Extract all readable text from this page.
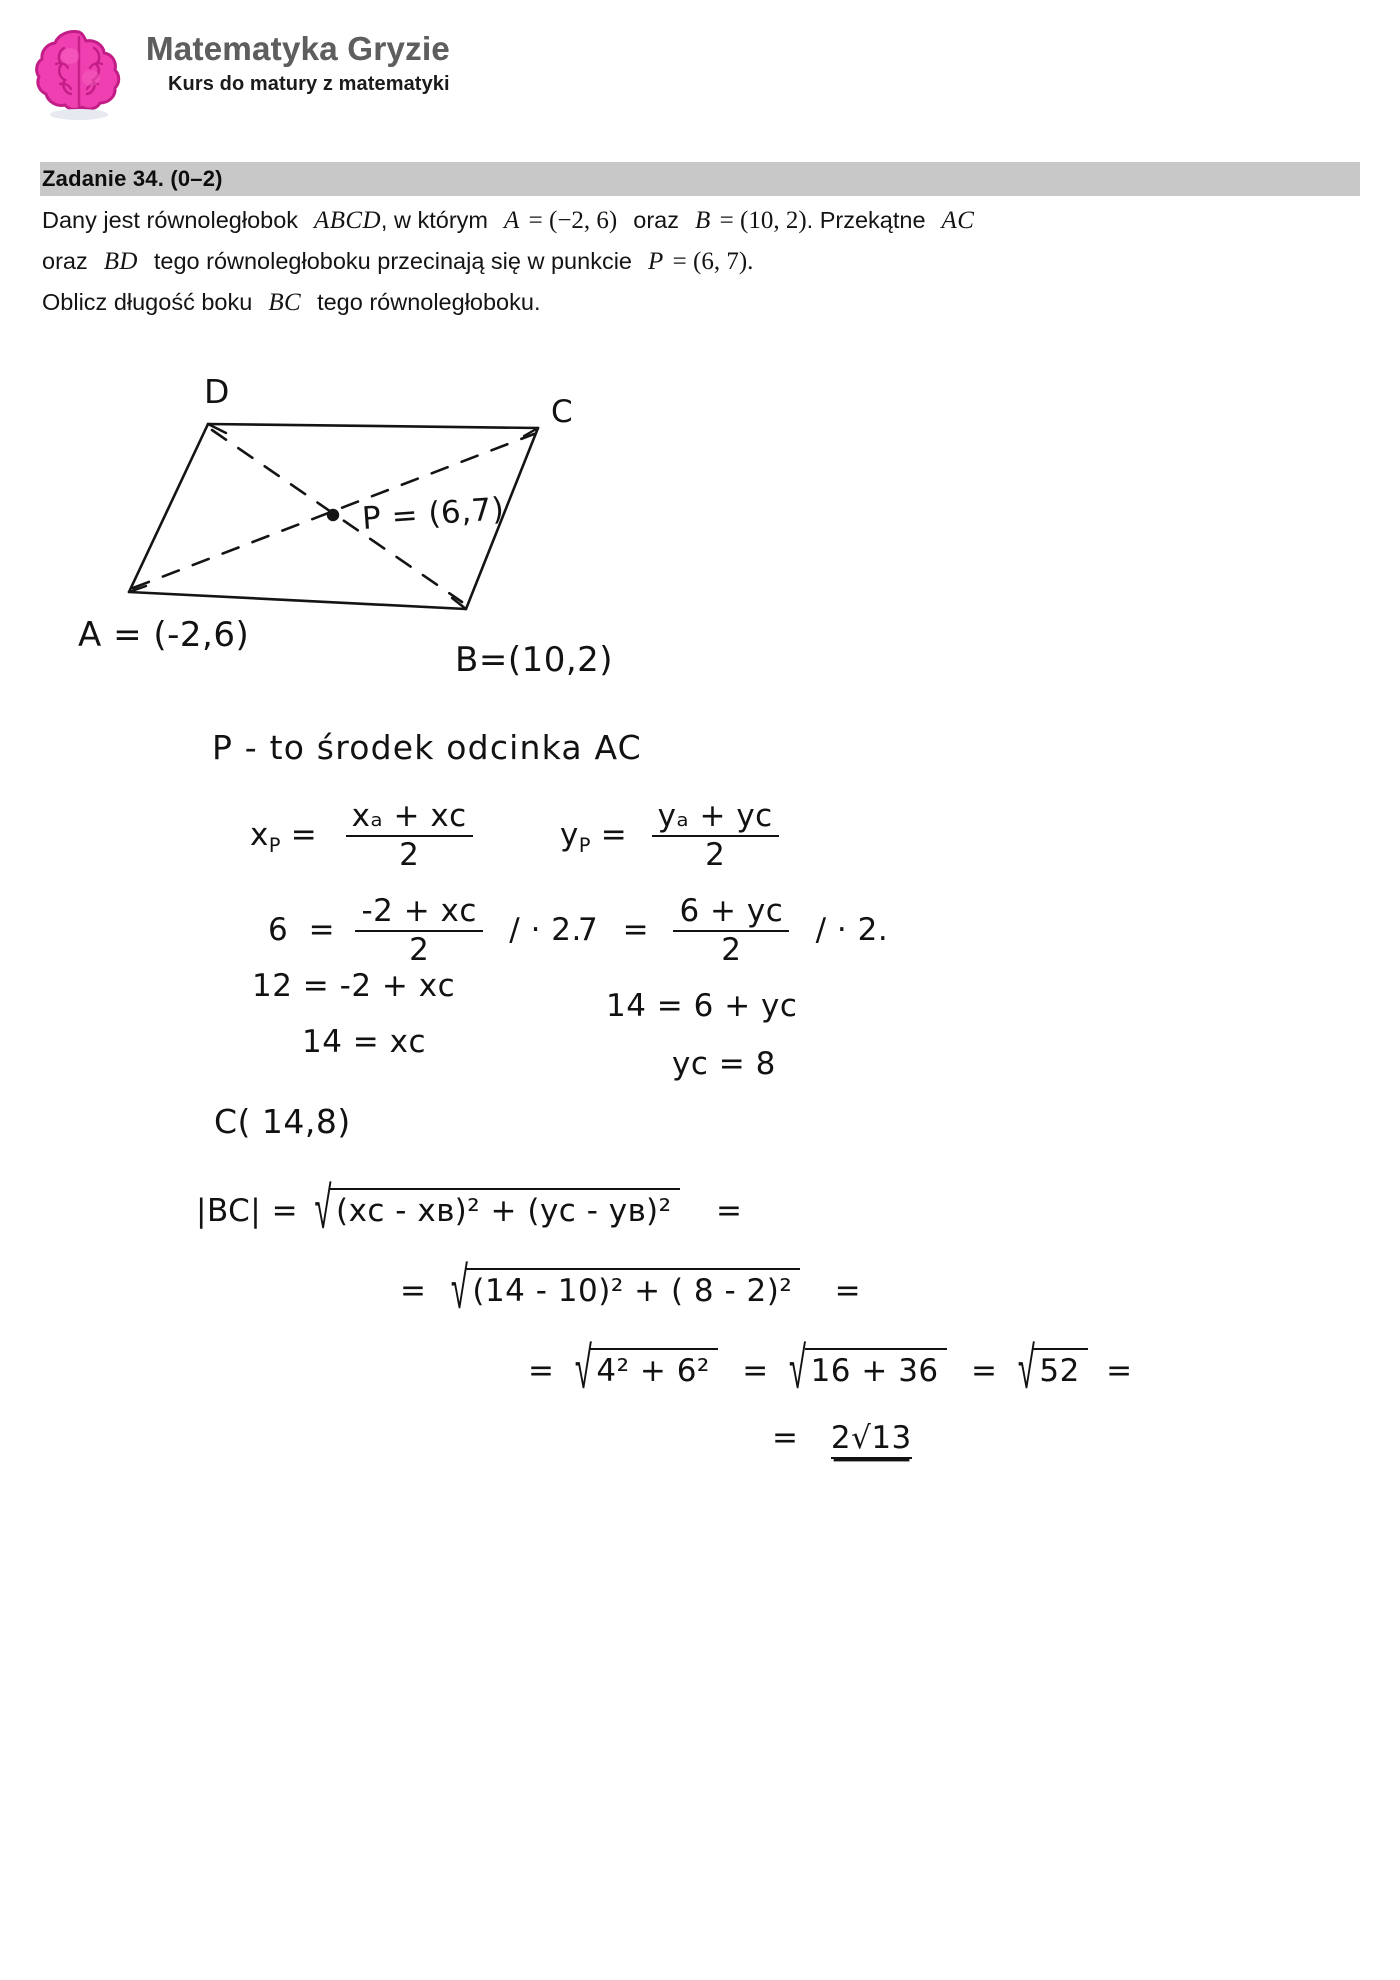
Matematyka Gryzie
Kurs do matury z matematyki
Zadanie 34. (0–2)
Dany jest równoległobok ABCD, w którym A = (−2, 6) oraz B = (10, 2). Przekątne AC
oraz BD tego równoległoboku przecinają się w punkcie P = (6, 7).
Oblicz długość boku BC tego równoległoboku.
D
C
P = (6,7)
A = (-2,6)
B=(10,2)
P - to środek odcinka AC
$x_P = \frac{\text{xₐ + xᴄ}}{2}$	$y_P = \frac{\text{yₐ + yᴄ}}{2}$
$6 = \frac{\text{-2 + xᴄ}}{2}$ / · 2.
$7 = \frac{\text{6 + yᴄ}}{2}$ / · 2.
12 = -2 + xᴄ
14 = xᴄ
14 = 6 + yᴄ
yᴄ = 8
C( 14,8)
|BC| = √ (xᴄ - xʙ)² + (yᴄ - yʙ)² =
= √ (14 - 10)² + ( 8 - 2)² =
= √ 4² + 6² = √ 16 + 36 = √ 52 =
= 2√13
